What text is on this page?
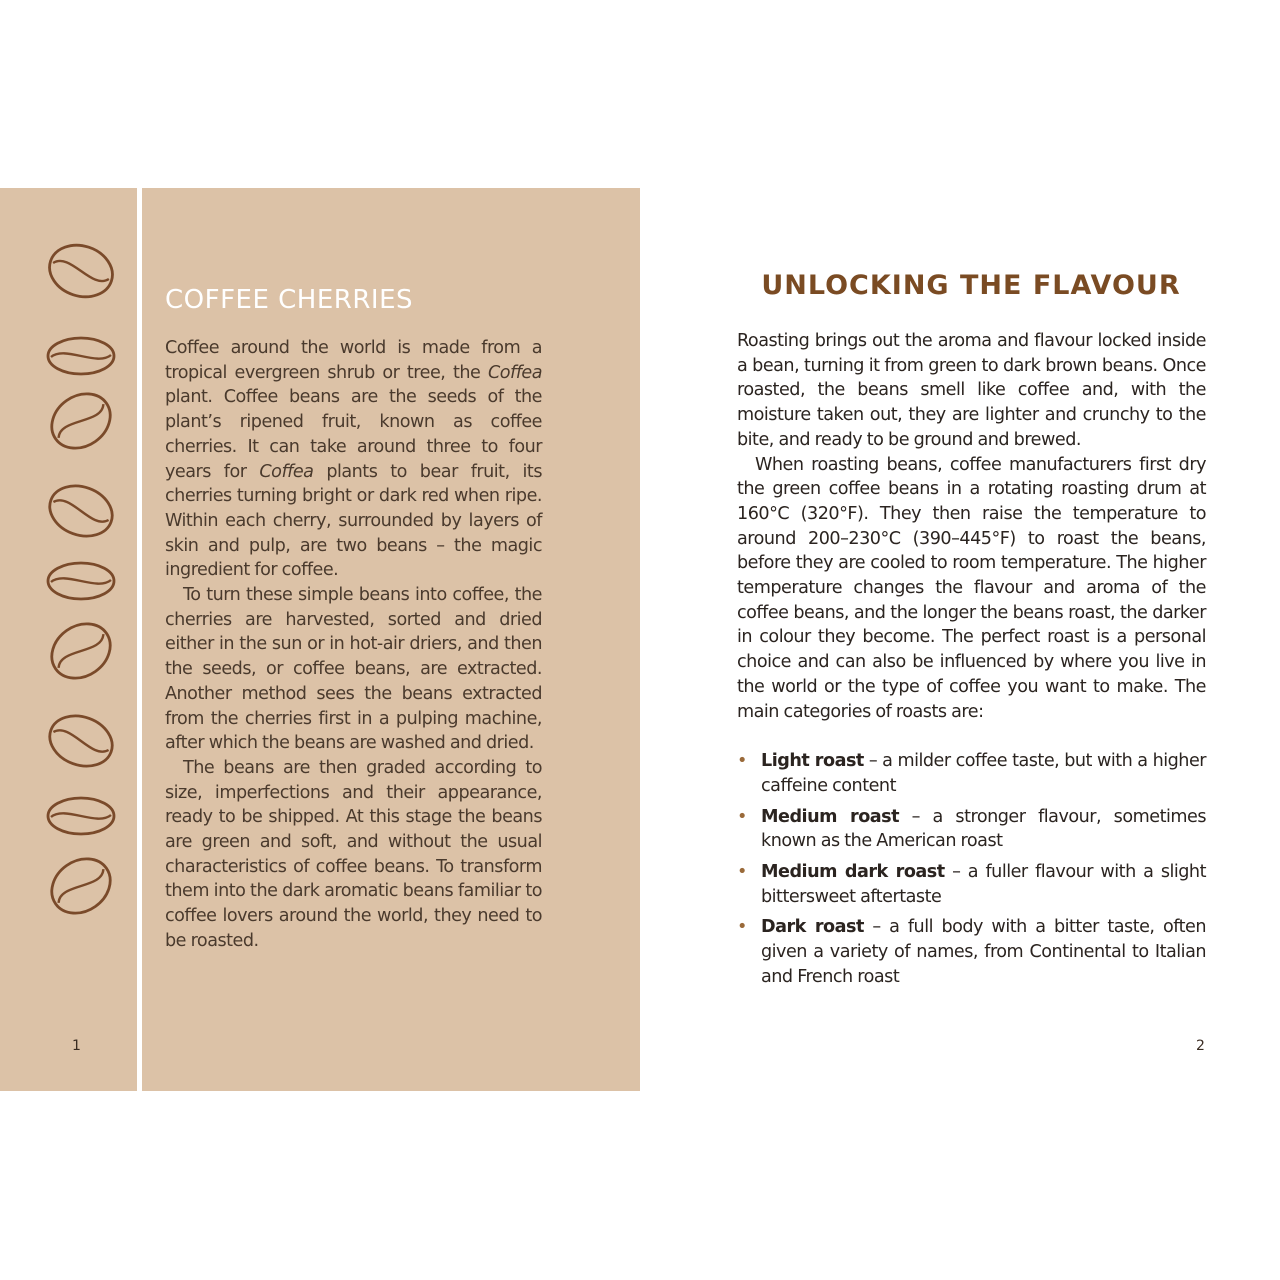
COFFEE CHERRIES

Coffee around the world is made from a tropical evergreen shrub or tree, the Coffea plant. Coffee beans are the seeds of the plant’s ripened fruit, known as coffee cherries. It can take around three to four years for Coffea plants to bear fruit, its cherries turning bright or dark red when ripe. Within each cherry, surrounded by layers of skin and pulp, are two beans – the magic ingredient for coffee.

To turn these simple beans into coffee, the cherries are harvested, sorted and dried either in the sun or in hot-air driers, and then the seeds, or coffee beans, are extracted. Another method sees the beans extracted from the cherries first in a pulping machine, after which the beans are washed and dried.

The beans are then graded according to size, imperfections and their appearance, ready to be shipped. At this stage the beans are green and soft, and without the usual characteristics of coffee beans. To transform them into the dark aromatic beans familiar to coffee lovers around the world, they need to be roasted.

1
UNLOCKING THE FLAVOUR

Roasting brings out the aroma and flavour locked inside a bean, turning it from green to dark brown beans. Once roasted, the beans smell like coffee and, with the moisture taken out, they are lighter and crunchy to the bite, and ready to be ground and brewed.

When roasting beans, coffee manufacturers first dry the green coffee beans in a rotating roasting drum at 160°C (320°F). They then raise the temperature to around 200–230°C (390–445°F) to roast the beans, before they are cooled to room temperature. The higher temperature changes the flavour and aroma of the coffee beans, and the longer the beans roast, the darker in colour they become. The perfect roast is a personal choice and can also be influenced by where you live in the world or the type of coffee you want to make. The main categories of roasts are:

• Light roast – a milder coffee taste, but with a higher caffeine content
• Medium roast – a stronger flavour, sometimes known as the American roast
• Medium dark roast – a fuller flavour with a slight bittersweet aftertaste
• Dark roast – a full body with a bitter taste, often given a variety of names, from Continental to Italian and French roast
2
